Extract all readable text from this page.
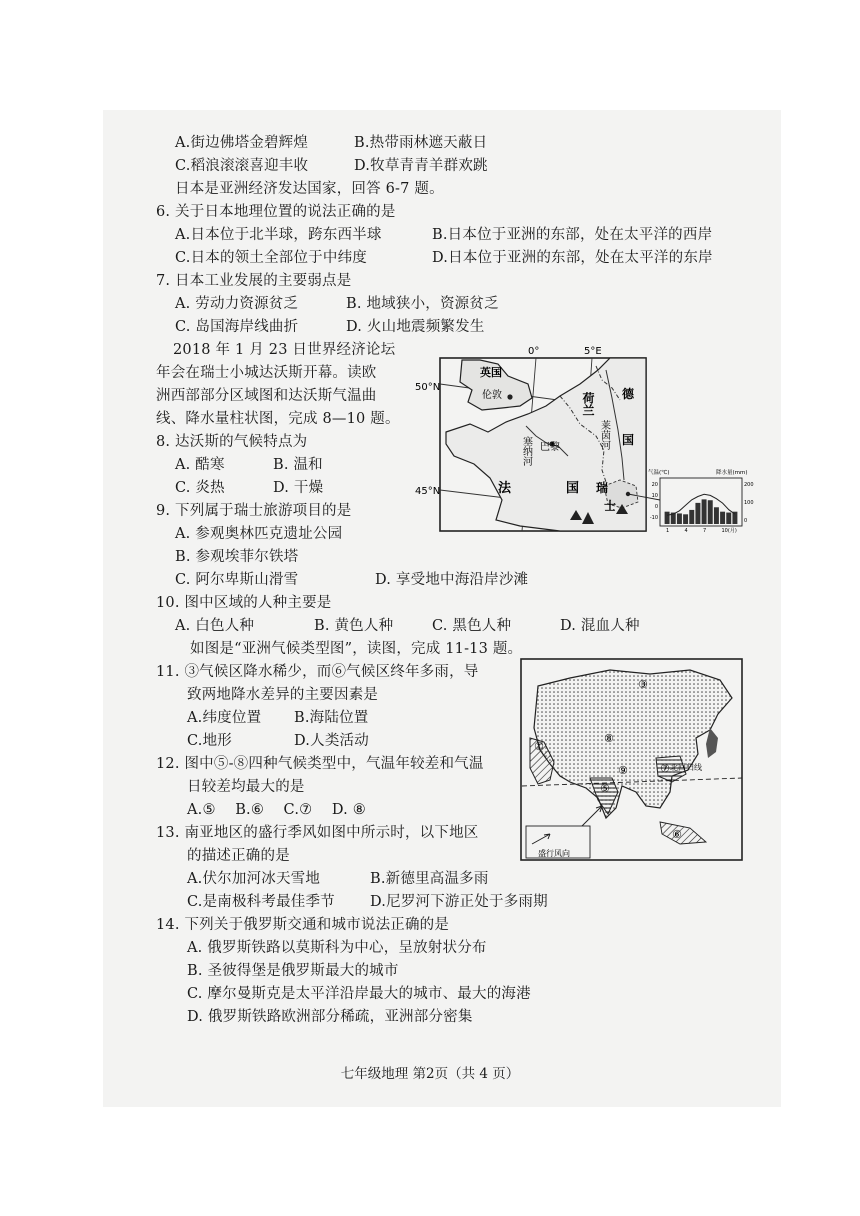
A.街边佛塔金碧辉煌	B.热带雨林遮天蔽日
C.稻浪滚滚喜迎丰收	D.牧草青青羊群欢跳
日本是亚洲经济发达国家，回答 6-7 题。
6. 关于日本地理位置的说法正确的是
A.日本位于北半球，跨东西半球	B.日本位于亚洲的东部，处在太平洋的西岸
C.日本的领土全部位于中纬度	D.日本位于亚洲的东部，处在太平洋的东岸
7. 日本工业发展的主要弱点是
A. 劳动力资源贫乏	B. 地域狭小，资源贫乏
C. 岛国海岸线曲折	D. 火山地震频繁发生
2018 年 1 月 23 日世界经济论坛
年会在瑞士小城达沃斯开幕。读欧
洲西部部分区域图和达沃斯气温曲
线、降水量柱状图，完成 8—10 题。
8. 达沃斯的气候特点为
A. 酷寒	B. 温和
C. 炎热	D. 干燥
9. 下列属于瑞士旅游项目的是
A. 参观奥林匹克遗址公园
B. 参观埃菲尔铁塔
C. 阿尔卑斯山滑雪	D. 享受地中海沿岸沙滩
10. 图中区域的人种主要是
A. 白色人种	B. 黄色人种	C. 黑色人种	D. 混血人种
如图是“亚洲气候类型图”，读图，完成 11-13 题。
11. ③气候区降水稀少，而⑥气候区终年多雨，导
致两地降水差异的主要因素是
A.纬度位置 B.海陆位置
C.地形	D.人类活动
12. 图中⑤-⑧四种气候类型中，气温年较差和气温
日较差均最大的是
A.⑤　 B.⑥　 C.⑦　 D. ⑧
13. 南亚地区的盛行季风如图中所示时，以下地区
的描述正确的是
A.伏尔加河冰天雪地	B.新德里高温多雨
C.是南极科考最佳季节 D.尼罗河下游正处于多雨期
14. 下列关于俄罗斯交通和城市说法正确的是
A. 俄罗斯铁路以莫斯科为中心，呈放射状分布
B. 圣彼得堡是俄罗斯最大的城市
C. 摩尔曼斯克是太平洋沿岸最大的城市、最大的海港
D. 俄罗斯铁路欧洲部分稀疏，亚洲部分密集
七年级地理 第2页（共 4 页）
0°	5°E
50°N
45°N
英国
伦敦
巴黎
法	国
荷兰 德
国
瑞
士
莱茵河
塞纳河
气温(℃)	降水量(mm)
20
10
0
-10
200
100
0
1	4	7	10(月)
北回归线
①
③
⑤
⑥
⑦
⑧
⑨
盛行风向
